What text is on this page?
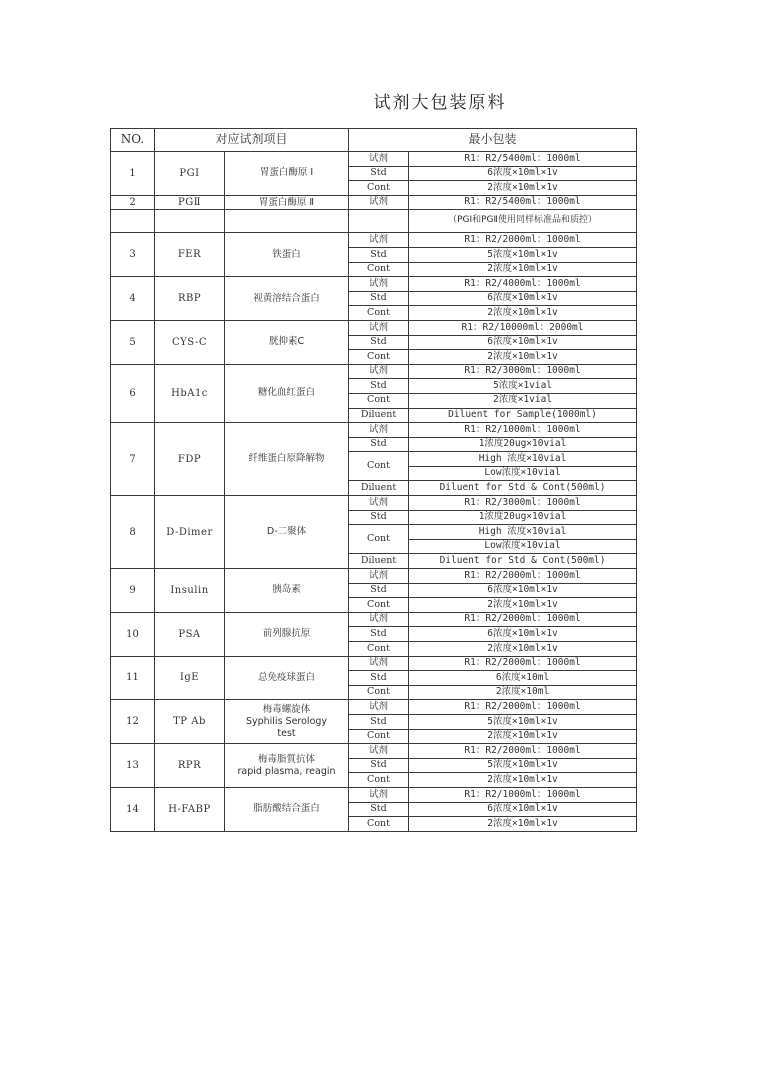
试剂大包装原料
NO.	对应试剂项目		最小包装	
1	PGⅠ	胃蛋白酶原 Ⅰ	试剂	R1：R2/5400ml：1000ml
			Std	6浓度×10ml×1v
			Cont	2浓度×10ml×1v
2	PGⅡ	胃蛋白酶原 Ⅱ	试剂	R1：R2/5400ml：1000ml
				（PGⅠ和PGⅡ使用同样标准品和质控）
3	FER	铁蛋白	试剂	R1：R2/2000ml：1000ml
			Std	5浓度×10ml×1v
			Cont	2浓度×10ml×1v
4	RBP	视黄溶结合蛋白	试剂	R1：R2/4000ml：1000ml
			Std	6浓度×10ml×1v
			Cont	2浓度×10ml×1v
5	CYS-C	胱抑素C	试剂	R1：R2/10000ml：2000ml
			Std	6浓度×10ml×1v
			Cont	2浓度×10ml×1v
6	HbA1c	糖化血红蛋白	试剂	R1：R2/3000ml：1000ml
			Std	5浓度×1vial
			Cont	2浓度×1vial
			Diluent	Diluent for Sample(1000ml)
7	FDP	纤维蛋白原降解物	试剂	R1：R2/1000ml：1000ml
			Std	1浓度20ug×10vial
			Cont	High 浓度×10vial
				Low浓度×10vial
			Diluent	Diluent for Std & Cont(500ml)
8	D-Dimer	D-二聚体	试剂	R1：R2/3000ml：1000ml
			Std	1浓度20ug×10vial
			Cont	High 浓度×10vial
				Low浓度×10vial
			Diluent	Diluent for Std & Cont(500ml)
9	Insulin	胰岛素	试剂	R1：R2/2000ml：1000ml
			Std	6浓度×10ml×1v
			Cont	2浓度×10ml×1v
10	PSA	前列腺抗原	试剂	R1：R2/2000ml：1000ml
			Std	6浓度×10ml×1v
			Cont	2浓度×10ml×1v
11	IgE	总免疫球蛋白	试剂	R1：R2/2000ml：1000ml
			Std	6浓度×10ml
			Cont	2浓度×10ml
12	TP Ab	梅毒螺旋体
Syphilis Serology
test	试剂	R1：R2/2000ml：1000ml
			Std	5浓度×10ml×1v
			Cont	2浓度×10ml×1v
13	RPR	梅毒脂質抗体
rapid plasma, reagin	试剂	R1：R2/2000ml：1000ml
			Std	5浓度×10ml×1v
			Cont	2浓度×10ml×1v
14	H-FABP	脂肪酸结合蛋白	试剂	R1：R2/1000ml：1000ml
			Std	6浓度×10ml×1v
			Cont	2浓度×10ml×1v
